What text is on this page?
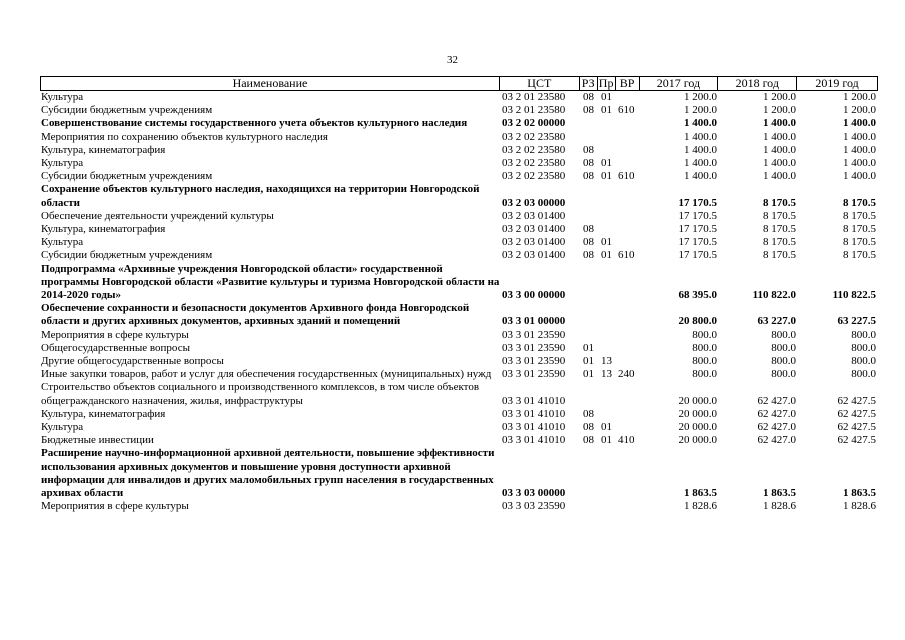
32
Наименование	ЦСТ	РЗ Пр ВР	2017 год	2018 год	2019 год
Культура	03 2 01 23580	08 01	1 200.0	1 200.0	1 200.0
Субсидии бюджетным учреждениям	03 2 01 23580	08 01 610	1 200.0	1 200.0	1 200.0
Совершенствование системы государственного учета объектов культурного наследия	03 2 02 00000	1 400.0	1 400.0	1 400.0
Мероприятия по сохранению объектов культурного наследия	03 2 02 23580	1 400.0	1 400.0	1 400.0
Культура, кинематография	03 2 02 23580	08	1 400.0	1 400.0	1 400.0
Культура	03 2 02 23580	08 01	1 400.0	1 400.0	1 400.0
Субсидии бюджетным учреждениям	03 2 02 23580	08 01 610	1 400.0	1 400.0	1 400.0
Сохранение объектов культурного наследия, находящихся на территории Новгородской области	03 2 03 00000	17 170.5	8 170.5	8 170.5
Обеспечение деятельности учреждений культуры	03 2 03 01400	17 170.5	8 170.5	8 170.5
Культура, кинематография	03 2 03 01400	08	17 170.5	8 170.5	8 170.5
Культура	03 2 03 01400	08 01	17 170.5	8 170.5	8 170.5
Субсидии бюджетным учреждениям	03 2 03 01400	08 01 610	17 170.5	8 170.5	8 170.5
Подпрограмма «Архивные учреждения Новгородской области» государственной программы Новгородской области «Развитие культуры и туризма Новгородской области на 2014-2020 годы»	03 3 00 00000	68 395.0	110 822.0	110 822.5
Обеспечение сохранности и безопасности документов Архивного фонда Новгородской области и других архивных документов, архивных зданий и помещений	03 3 01 00000	20 800.0	63 227.0	63 227.5
Мероприятия в сфере культуры	03 3 01 23590	800.0	800.0	800.0
Общегосударственные вопросы	03 3 01 23590	01	800.0	800.0	800.0
Другие общегосударственные вопросы	03 3 01 23590	01 13	800.0	800.0	800.0
Иные закупки товаров, работ и услуг для обеспечения государственных (муниципальных) нужд 03 3 01 23590	01 13 240	800.0	800.0	800.0
Строительство объектов социального и производственного комплексов, в том числе объектов общегражданского назначения, жилья, инфраструктуры	03 3 01 41010	20 000.0	62 427.0	62 427.5
Культура, кинематография	03 3 01 41010	08	20 000.0	62 427.0	62 427.5
Культура	03 3 01 41010	08 01	20 000.0	62 427.0	62 427.5
Бюджетные инвестиции	03 3 01 41010	08 01 410	20 000.0	62 427.0	62 427.5
Расширение научно-информационной архивной деятельности, повышение эффективности использования архивных документов и повышение уровня доступности архивной информации для инвалидов и других маломобильных групп населения в государственных архивах области	03 3 03 00000	1 863.5	1 863.5	1 863.5
Мероприятия в сфере культуры	03 3 03 23590	1 828.6	1 828.6	1 828.6
